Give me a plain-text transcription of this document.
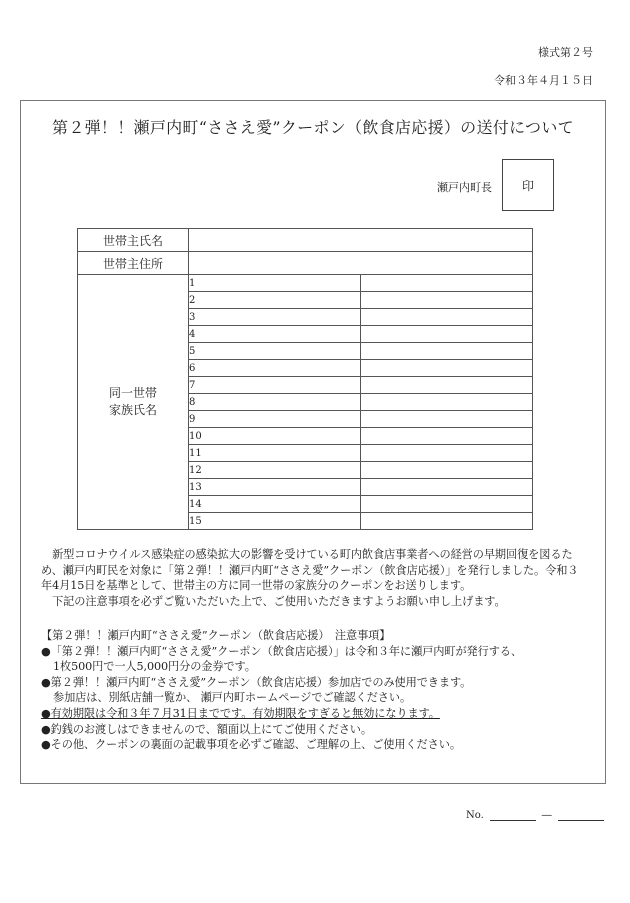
様式第２号
令和３年４月１５日
第２弾！！瀬戸内町“ささえ愛”クーポン（飲食店応援）の送付について
瀬戸内町長 印
世帯主氏名		
世帯主住所		

同一世帯
家族氏名	1	
	2	
	3	
	4	
	5	
	6	
	7	
	8	
	9	
	10	
	11	
	12	
	13	
	14	
	15	

　新型コロナウイルス感染症の感染拡大の影響を受けている町内飲食店事業者への経営の早期回復を図るため、瀬戸内町民を対象に「第２弾！！瀬戸内町“ささえ愛”クーポン（飲食店応援）」を発行しました。令和３年4月15日を基準として、世帯主の方に同一世帯の家族分のクーポンをお送りします。

　下記の注意事項を必ずご覧いただいた上で、ご使用いただきますようお願い申し上げます。

【第２弾！！瀬戸内町“ささえ愛”クーポン（飲食店応援）　注意事項】
●「第２弾！！瀬戸内町“ささえ愛”クーポン（飲食店応援）」は令和３年に瀬戸内町が発行する、
1枚500円で一人5,000円分の金券です。
●第２弾！！瀬戸内町“ささえ愛”クーポン（飲食店応援）参加店でのみ使用できます。
参加店は、別紙店舗一覧か、 瀬戸内町ホームページでご確認ください。
●有効期限は令和３年７月31日までです。有効期限をすぎると無効になります。
●釣銭のお渡しはできませんので、額面以上にてご使用ください。
●その他、クーポンの裏面の記載事項を必ずご確認、ご理解の上、ご使用ください。
No.	―
